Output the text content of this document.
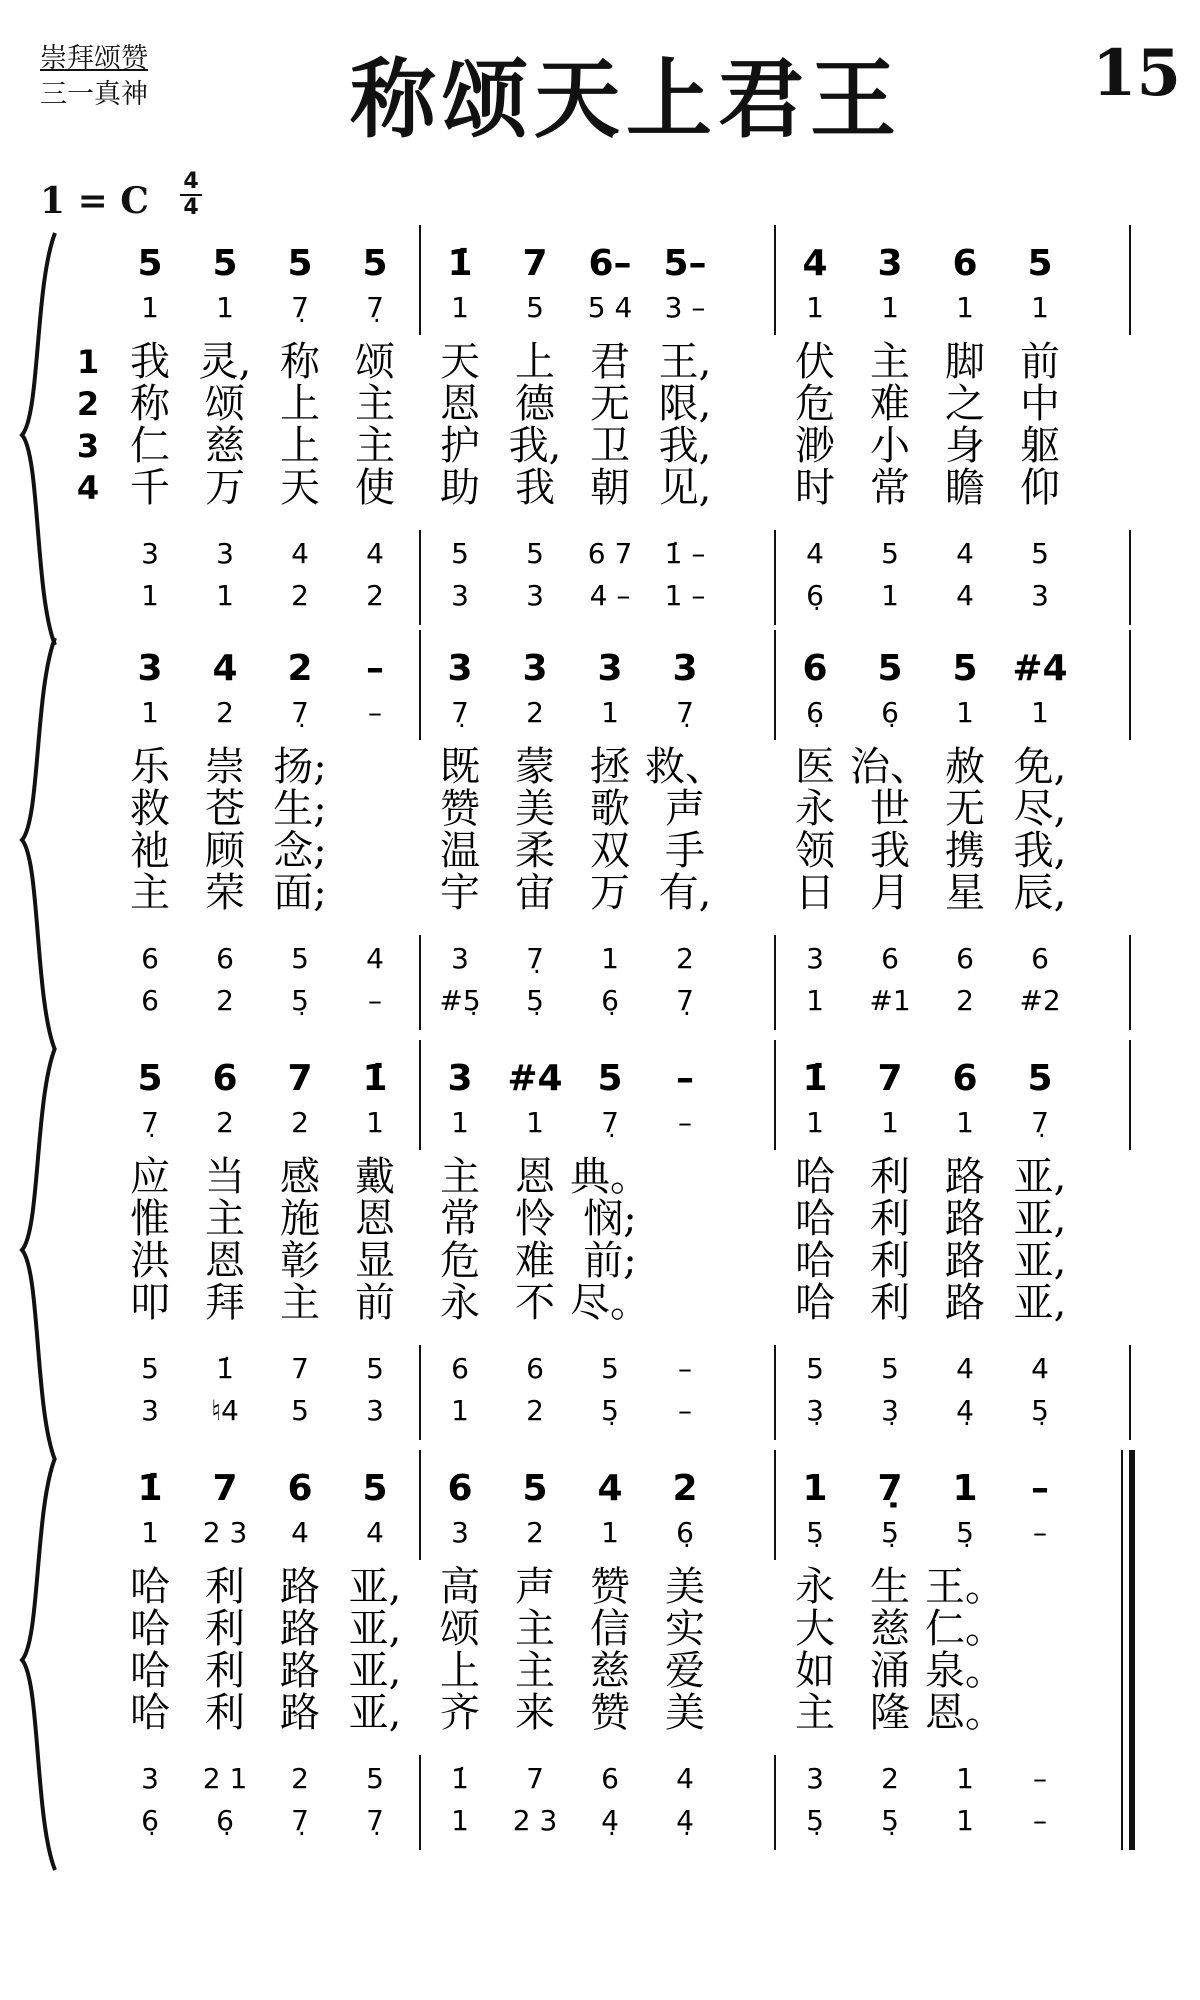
崇拜颂赞
三一真神 称颂天上君王	15
1 = C 4
4
5
1
3
1
我
称
仁
千
5
1
3
1
灵,
颂
慈
万
5
7̣
4
2
称
上
上
天
5
7̣
4
2
颂
主
主
使
1̇
1
5
3
天
恩
护
助
7
5
5
3
上
德
我,
我
6–
5 4
6 7
4 –
君
无
卫
朝
5–
3 –
1̇ –
1 –
王,
限,
我,
见,
4
1
4
6̣
伏
危
渺
时
3
1
5
1
主
难
小
常
6
1
4
4
脚
之
身
瞻
5
1
5
3
前
中
躯
仰
1
2
3
4
3
1
6
6
乐
救
祂
主
4
2
6
2
崇
苍
顾
荣
2
7̣
5
5̣
扬;
生;
念;
面;
–
–
4
–
3
7̣
3
#5̣
既
赞
温
宇
3
2
7̣
5̣
蒙
美
柔
宙
3
1
1
6̣
拯
歌
双
万
3
7̣
2
7̣
救、
声
手
有,
6
6̣
3
1
医
永
领
日
5
6̣
6
#1
治、
世
我
月
5
1
6
2
赦
无
携
星
#4
1
6
#2
免,
尽,
我,
辰,
5
7̣
5
3
应
惟
洪
叩
6
2
1̇
♮4
当
主
恩
拜
7
2
7
5
感
施
彰
主
1̇
1
5
3
戴
恩
显
前
3
1
6
1
主
常
危
永
#4
1
6
2
恩
怜
难
不
5
7̣
5
5̣
典。
悯;
前;
尽。
–
–
–
–
1̇
1
5
3̣
哈
哈
哈
哈
7
1
5
3̣
利
利
利
利
6
1
4
4̣
路
路
路
路
5
7̣
4
5̣
亚,
亚,
亚,
亚,
1̇
1
3
6̣
哈
哈
哈
哈
7
2 3
2 1
6̣
利
利
利
利
6
4
2
7̣
路
路
路
路
5
4
5
7̣
亚,
亚,
亚,
亚,
6
3
1̇
1
高
颂
上
齐
5
2
7
2 3
声
主
主
来
4
1
6
4̣
赞
信
慈
赞
2
6̣
4
4̣
美
实
爱
美
1
5̣
3
5̣
永
大
如
主
7̣
5̣
2
5̣
生
慈
涌
隆
1
5̣
1
1
王。
仁。
泉。
恩。
–
–
–
–
